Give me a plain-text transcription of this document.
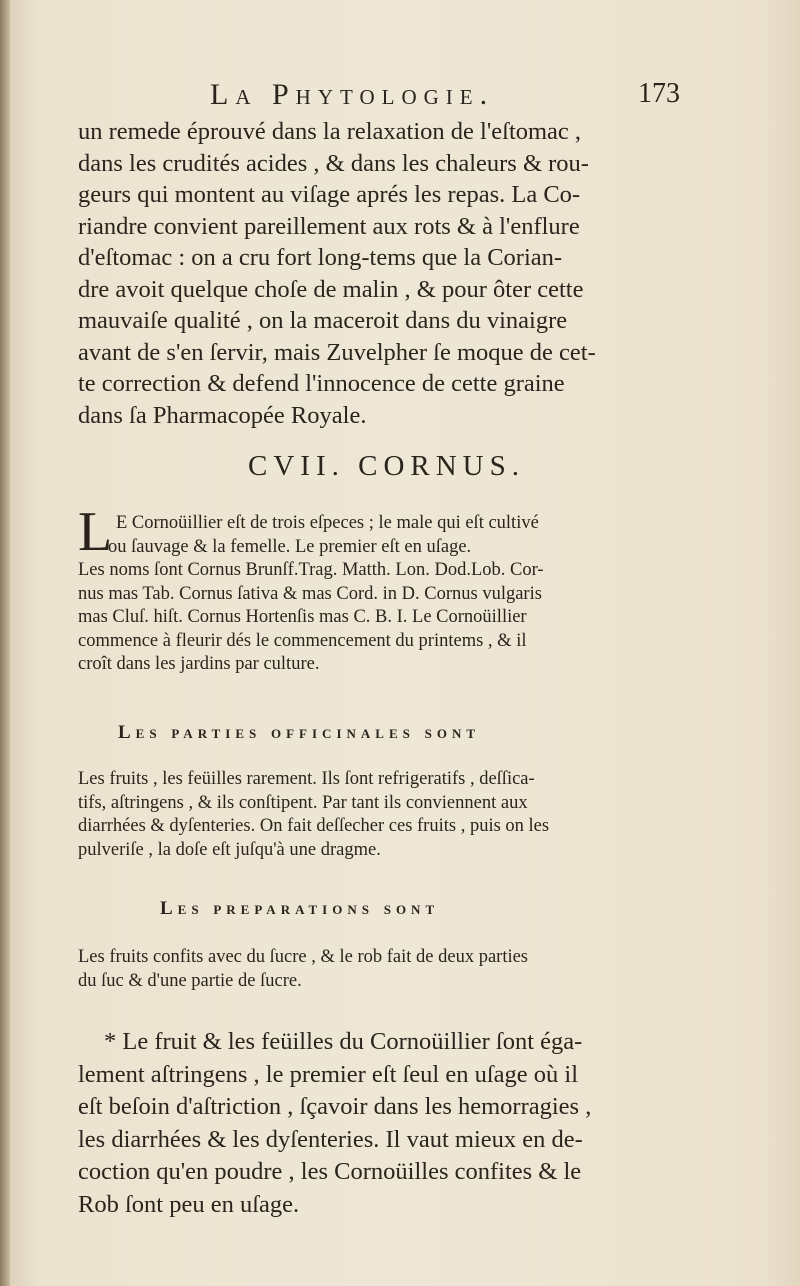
La Phytologie.	173

un remede éprouvé dans la relaxation de l'eſtomac ,
dans les crudités acides , & dans les chaleurs & rou-
geurs qui montent au viſage aprés les repas. La Co-
riandre convient pareillement aux rots & à l'enflure
d'eſtomac : on a cru fort long-tems que la Corian-
dre avoit quelque choſe de malin , & pour ôter cette
mauvaiſe qualité , on la maceroit dans du vinaigre
avant de s'en ſervir, mais Zuvelpher ſe moque de cet-
te correction & defend l'innocence de cette graine
dans ſa Pharmacopée Royale.

CVII. CORNUS.
L E Cornoüillier eſt de trois eſpeces ; le male qui eſt cultivé
ou ſauvage & la femelle. Le premier eſt en uſage.
Les noms ſont Cornus Brunſf.Trag. Matth. Lon. Dod.Lob. Cor-
nus mas Tab. Cornus ſativa & mas Cord. in D. Cornus vulgaris
mas Cluſ. hiſt. Cornus Hortenſis mas C. B. I. Le Cornoüillier
commence à fleurir dés le commencement du printems , & il
croît dans les jardins par culture.

Les parties officinales sont

Les fruits , les feüilles rarement. Ils ſont refrigeratifs , deſſica-
tifs, aſtringens , & ils conſtipent. Par tant ils conviennent aux
diarrhées & dyſenteries. On fait deſſecher ces fruits , puis on les
pulveriſe , la doſe eſt juſqu'à une dragme.

Les preparations sont

Les fruits confits avec du ſucre , & le rob fait de deux parties
du ſuc & d'une partie de ſucre.

* Le fruit & les feüilles du Cornoüillier ſont éga-
lement aſtringens , le premier eſt ſeul en uſage où il
eſt beſoin d'aſtriction , ſçavoir dans les hemorragies ,
les diarrhées & les dyſenteries. Il vaut mieux en de-
coction qu'en poudre , les Cornoüilles confites & le
Rob ſont peu en uſage.
